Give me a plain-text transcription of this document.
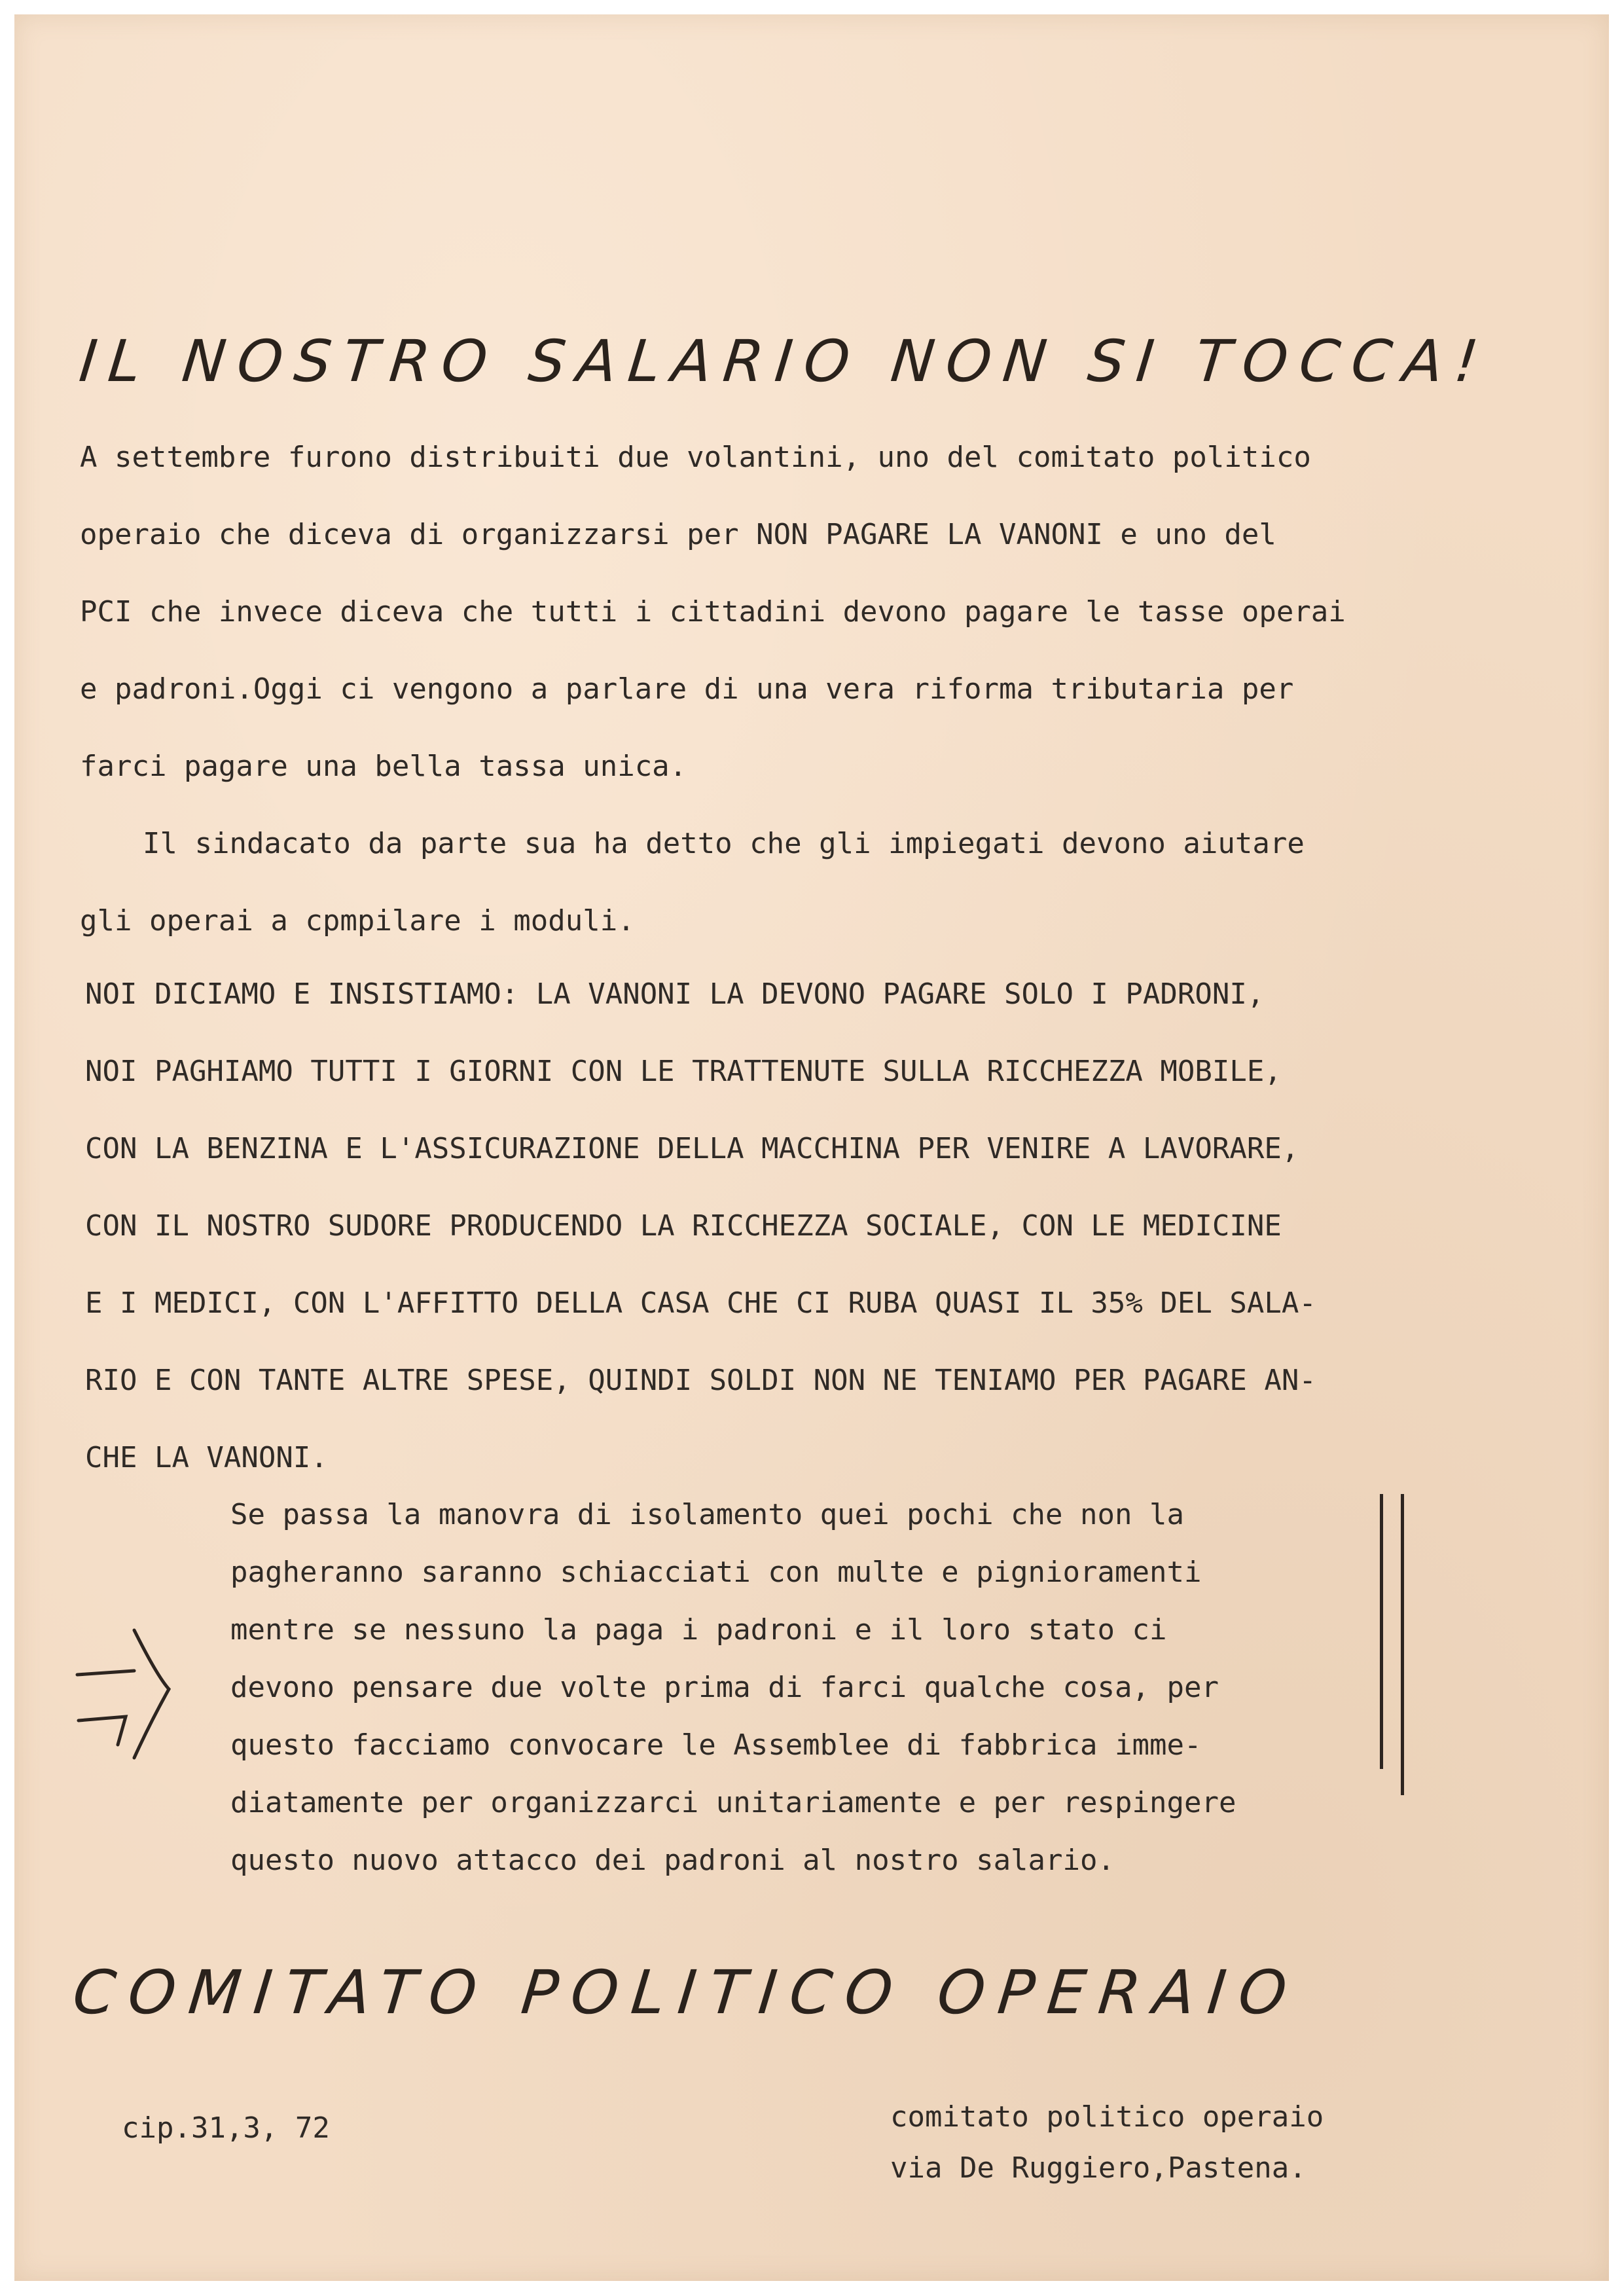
IL NOSTRO SALARIO NON SI TOCCA!
A settembre furono distribuiti due volantini, uno del comitato politico
operaio che diceva di organizzarsi per NON PAGARE LA VANONI e uno del
PCI che invece diceva che tutti i cittadini devono pagare le tasse operai
e padroni.Oggi ci vengono a parlare di una vera riforma tributaria per
farci pagare una bella tassa unica.
Il sindacato da parte sua ha detto che gli impiegati devono aiutare
gli operai a cpmpilare i moduli.
NOI DICIAMO E INSISTIAMO: LA VANONI LA DEVONO PAGARE SOLO I PADRONI,
NOI PAGHIAMO TUTTI I GIORNI CON LE TRATTENUTE SULLA RICCHEZZA MOBILE,
CON LA BENZINA E L'ASSICURAZIONE DELLA MACCHINA PER VENIRE A LAVORARE,
CON IL NOSTRO SUDORE PRODUCENDO LA RICCHEZZA SOCIALE, CON LE MEDICINE
E I MEDICI, CON L'AFFITTO DELLA CASA CHE CI RUBA QUASI IL 35% DEL SALA-
RIO E CON TANTE ALTRE SPESE, QUINDI SOLDI NON NE TENIAMO PER PAGARE AN-
CHE LA VANONI.
Se passa la manovra di isolamento quei pochi che non la
pagheranno saranno schiacciati con multe e pignioramenti
mentre se nessuno la paga i padroni e il loro stato ci
devono pensare due volte prima di farci qualche cosa, per
questo facciamo convocare le Assemblee di fabbrica imme-
diatamente per organizzarci unitariamente e per respingere
questo nuovo attacco dei padroni al nostro salario.
COMITATO POLITICO OPERAIO
cip.31,3, 72	comitato politico operaio
via De Ruggiero,Pastena.
